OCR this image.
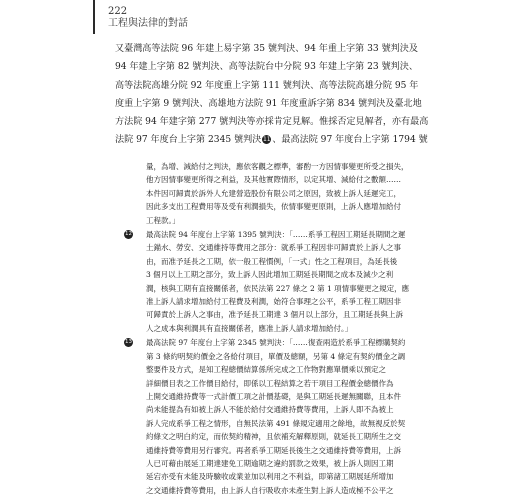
222
工程與法律的對話

又臺灣高等法院 96 年建上易字第 35 號判決、94 年重上字第 33 號判決及
94 年建上字第 82 號判決、高等法院台中分院 93 年建上字第 23 號判決、
高等法院高雄分院 92 年度重上字第 111 號判決、高等法院高雄分院 95 年
度重上字第 9 號判決、高雄地方法院 91 年度重訴字第 834 號判決及臺北地
方法院 94 年建字第 277 號判決等亦採肯定見解。惟採否定見解者，亦有最高
法院 97 年度台上字第 2345 號判決 11 、最高法院 97 年度台上字第 1794 號

量，為增、減給付之判決，應依客觀之標準，審酌一方因情事變更所受之損失，
他方因情事變更所得之利益，及其他實際情形，以定其增、減給付之數額……
本件因可歸責於訴外人允建營造股份有限公司之原因，致被上訴人延遲完工，
因此多支出工程費用等及受有利潤損失，依情事變更原則，上訴人應增加給付
工程款。」
12 最高法院 94 年度台上字第 1395 號判決：「……系爭工程因工期延長期間之遲
土錨水、勞安、交通維持等費用之部分：就系爭工程因非可歸責於上訴人之事
由，而准予延長之工期，依一般工程慣例，「一式」性之工程項目，為延長後
3 個月以上工期之部分，致上訴人因此增加工期延長期間之成本及減少之利
潤，核與工期有直接關係者，依民法第 227 條之 2 第 1 項情事變更之規定，應
准上訴人請求增加給付工程費及利潤，始符合事理之公平，系爭工程工期因非
可歸責於上訴人之事由，准予延長工期達 3 個月以上部分，且工期延長與上訴
人之成本與利潤具有直接關係者，應准上訴人請求增加給付。」
13 最高法院 97 年度台上字第 2345 號判決：「……復查兩造於系爭工程標購契約
第 3 條約明契約價金之各給付項目，單價及總額，另第 4 條定有契約價金之調
整要件及方式，是知工程總價結算係所完成之工作物對應單價乘以預定之
詳細價目表之工作價目給付，即係以工程結算之若干項目工程價金總價作為
上開交通維持費等一式計價工項之計價基礎，是與工期延長遲無關聯，且本件
尚未能提為有如被上訴人不能於給付交通維持費等費用，上訴人即不為被上
訴人完成系爭工程之情形，自無民法第 491 條規定適用之餘地，故無視反於契
約條文之明白約定，而依契約精神，且依補充解釋原則，就延長工期所生之交
通維持費等費用另行審究。再者系爭工期延長後生之交通維持費等費用，上訴
人已可藉由展延工期達建免工期逾期之違約罰款之效果，被上訴人則因工期
延宕亦受有未能及時驗收或業並加以利用之不利益，即第諸工期展延所增加
之交通維持費等費用，由上訴人自行吸收亦未產生對上訴人造成極不公平之
